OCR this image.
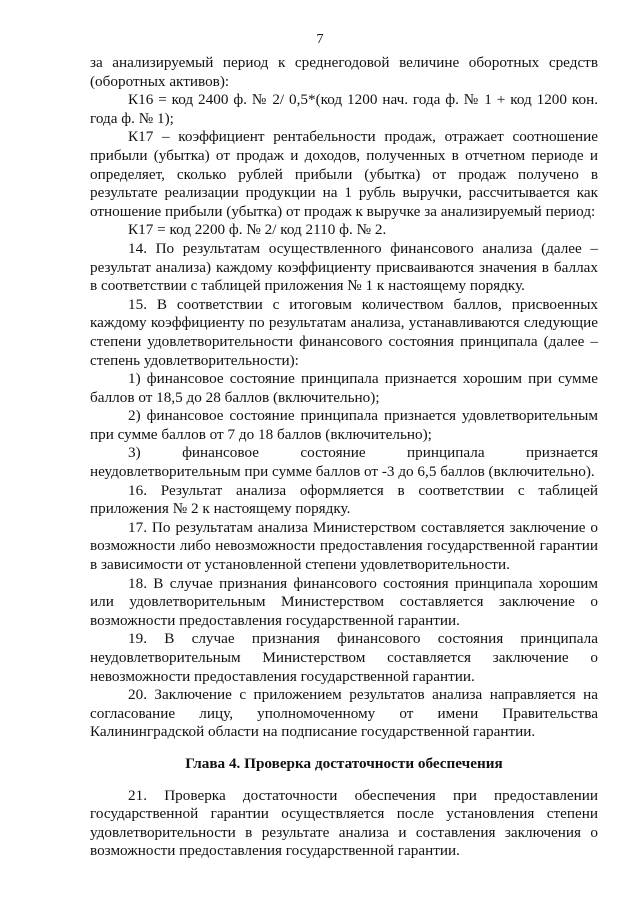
7

за анализируемый период к среднегодовой величине оборотных средств (оборотных активов):

К16 = код 2400 ф. № 2/ 0,5*(код 1200 нач. года ф. № 1 + код 1200 кон. года ф. № 1);

К17 – коэффициент рентабельности продаж, отражает соотношение прибыли (убытка) от продаж и доходов, полученных в отчетном периоде и определяет, сколько рублей прибыли (убытка) от продаж получено в результате реализации продукции на 1 рубль выручки, рассчитывается как отношение прибыли (убытка) от продаж к выручке за анализируемый период:

К17 = код 2200 ф. № 2/ код 2110 ф. № 2.

14. По результатам осуществленного финансового анализа (далее – результат анализа) каждому коэффициенту присваиваются значения в баллах в соответствии с таблицей приложения № 1 к настоящему порядку.

15. В соответствии с итоговым количеством баллов, присвоенных каждому коэффициенту по результатам анализа, устанавливаются следующие степени удовлетворительности финансового состояния принципала (далее – степень удовлетворительности):

1) финансовое состояние принципала признается хорошим при сумме баллов от 18,5 до 28 баллов (включительно);

2) финансовое состояние принципала признается удовлетворительным при сумме баллов от 7 до 18 баллов (включительно);

3) финансовое состояние принципала признается неудовлетворительным при сумме баллов от -3 до 6,5 баллов (включительно).

16. Результат анализа оформляется в соответствии с таблицей приложения № 2 к настоящему порядку.

17. По результатам анализа Министерством составляется заключение о возможности либо невозможности предоставления государственной гарантии в зависимости от установленной степени удовлетворительности.

18. В случае признания финансового состояния принципала хорошим или удовлетворительным Министерством составляется заключение о возможности предоставления государственной гарантии.

19. В случае признания финансового состояния принципала неудовлетворительным Министерством составляется заключение о невозможности предоставления государственной гарантии.

20. Заключение с приложением результатов анализа направляется на согласование лицу, уполномоченному от имени Правительства Калининградской области на подписание государственной гарантии.

Глава 4. Проверка достаточности обеспечения

21. Проверка достаточности обеспечения при предоставлении государственной гарантии осуществляется после установления степени удовлетворительности в результате анализа и составления заключения о возможности предоставления государственной гарантии.
